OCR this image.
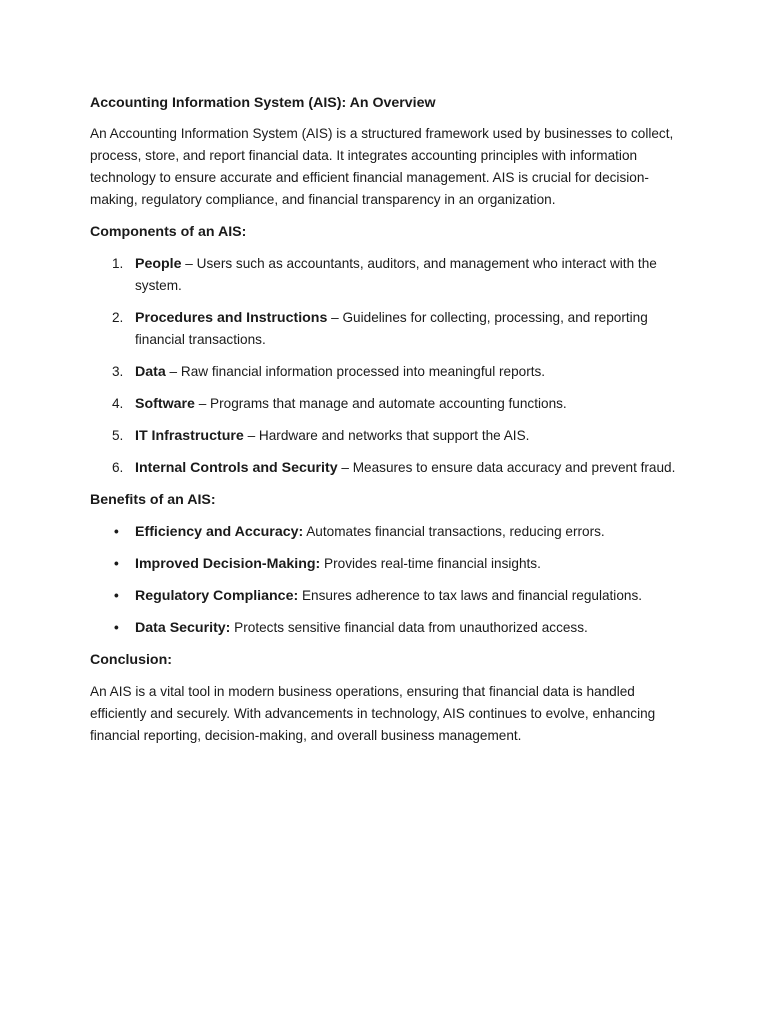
Accounting Information System (AIS): An Overview

An Accounting Information System (AIS) is a structured framework used by businesses to collect, process, store, and report financial data. It integrates accounting principles with information technology to ensure accurate and efficient financial management. AIS is crucial for decision-making, regulatory compliance, and financial transparency in an organization.

Components of an AIS:
1. People – Users such as accountants, auditors, and management who interact with the system.
2. Procedures and Instructions – Guidelines for collecting, processing, and reporting financial transactions.
3. Data – Raw financial information processed into meaningful reports.
4. Software – Programs that manage and automate accounting functions.
5. IT Infrastructure – Hardware and networks that support the AIS.
6. Internal Controls and Security – Measures to ensure data accuracy and prevent fraud.
Benefits of an AIS:
• Efficiency and Accuracy: Automates financial transactions, reducing errors.
• Improved Decision-Making: Provides real-time financial insights.
• Regulatory Compliance: Ensures adherence to tax laws and financial regulations.
• Data Security: Protects sensitive financial data from unauthorized access.
Conclusion:

An AIS is a vital tool in modern business operations, ensuring that financial data is handled efficiently and securely. With advancements in technology, AIS continues to evolve, enhancing financial reporting, decision-making, and overall business management.
